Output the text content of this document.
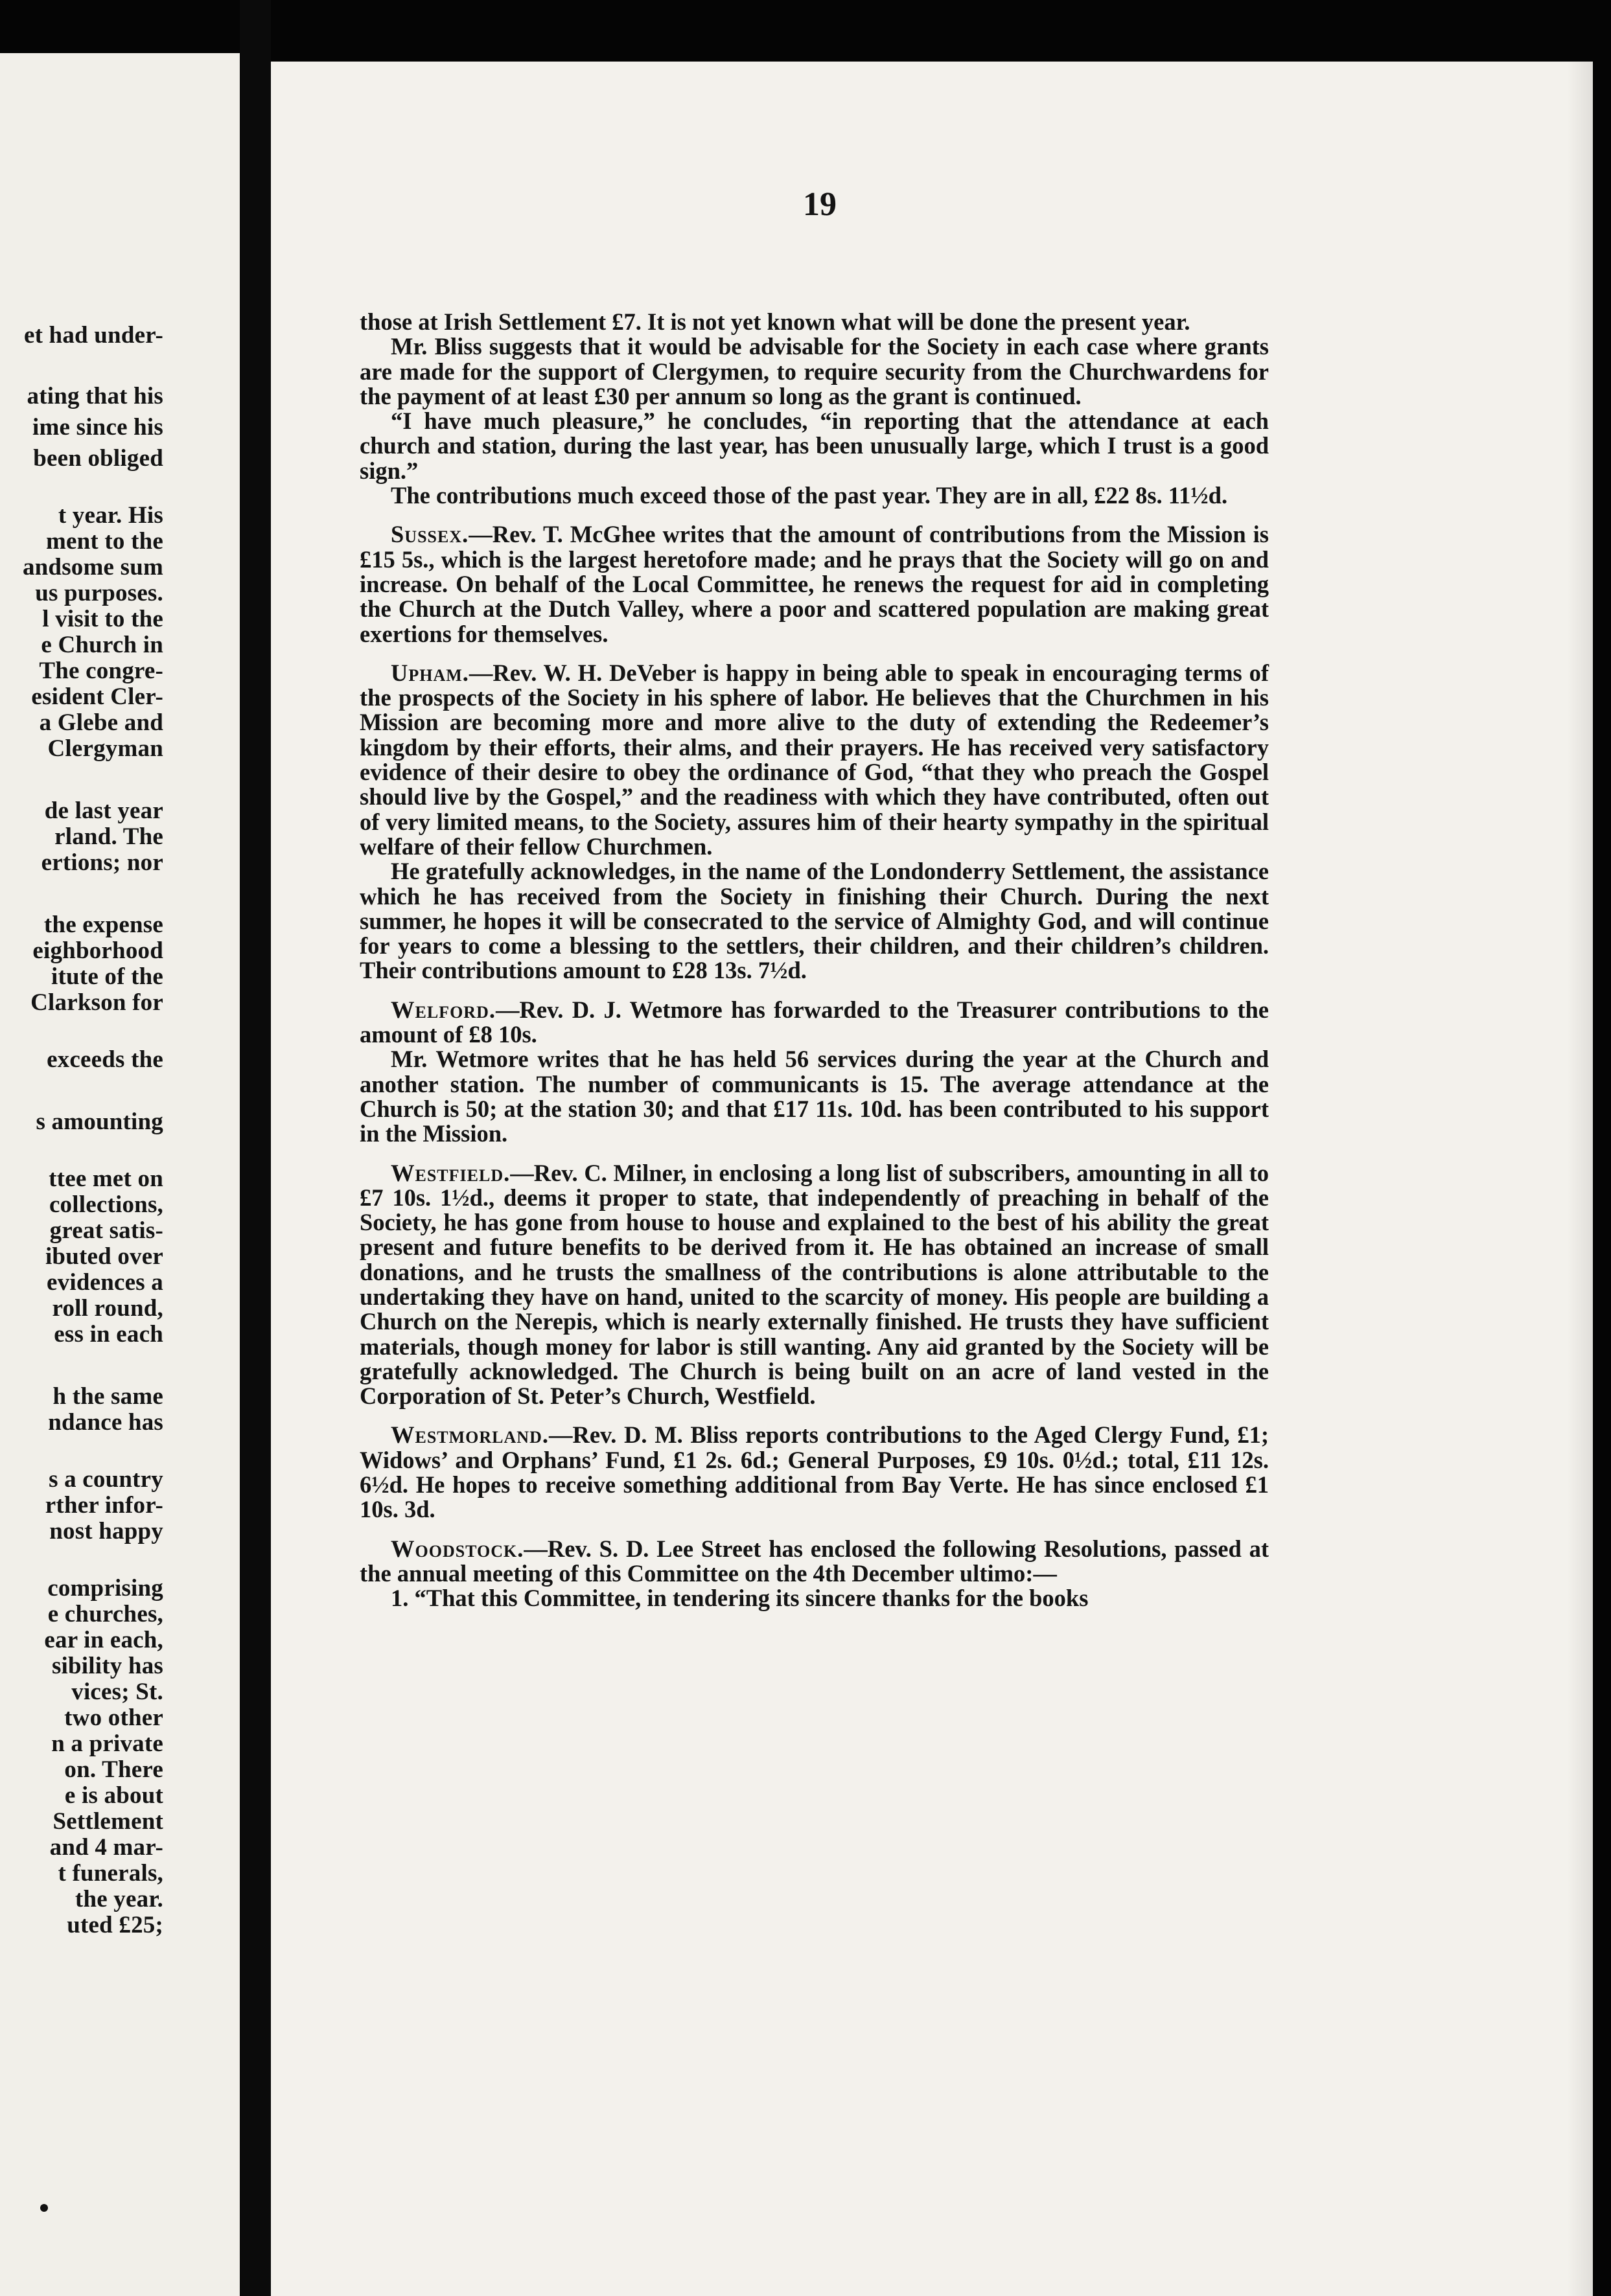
et had under-
ating that his
ime since his
been obliged
t year. His
ment to the
andsome sum
us purposes.
l visit to the
e Church in
The congre-
esident Cler-
a Glebe and
Clergyman
de last year
rland. The
ertions; nor
the expense
eighborhood
itute of the
Clarkson for
exceeds the
s amounting
ttee met on
collections,
great satis-
ibuted over
evidences a
roll round,
ess in each
h the same
ndance has
s a country
rther infor-
nost happy
comprising
e churches,
ear in each,
sibility has
vices; St.
two other
n a private
on. There
e is about
Settlement
and 4 mar-
t funerals,
the year.
uted £25;
19

those at Irish Settlement £7. It is not yet known what will be done the present year.

Mr. Bliss suggests that it would be advisable for the Society in each case where grants are made for the support of Clergymen, to require security from the Churchwardens for the payment of at least £30 per annum so long as the grant is continued.

“I have much pleasure,” he concludes, “in reporting that the attendance at each church and station, during the last year, has been unusually large, which I trust is a good sign.”

The contributions much exceed those of the past year. They are in all, £22 8s. 11½d.

Sussex.—Rev. T. McGhee writes that the amount of contributions from the Mission is £15 5s., which is the largest heretofore made; and he prays that the Society will go on and increase. On behalf of the Local Committee, he renews the request for aid in completing the Church at the Dutch Valley, where a poor and scattered population are making great exertions for themselves.

Upham.—Rev. W. H. DeVeber is happy in being able to speak in encouraging terms of the prospects of the Society in his sphere of labor. He believes that the Churchmen in his Mission are becoming more and more alive to the duty of extending the Redeemer’s kingdom by their efforts, their alms, and their prayers. He has received very satisfactory evidence of their desire to obey the ordinance of God, “that they who preach the Gospel should live by the Gospel,” and the readiness with which they have contributed, often out of very limited means, to the Society, assures him of their hearty sympathy in the spiritual welfare of their fellow Churchmen.

He gratefully acknowledges, in the name of the Londonderry Settlement, the assistance which he has received from the Society in finishing their Church. During the next summer, he hopes it will be consecrated to the service of Almighty God, and will continue for years to come a blessing to the settlers, their children, and their children’s children. Their contributions amount to £28 13s. 7½d.

Welford.—Rev. D. J. Wetmore has forwarded to the Treasurer contributions to the amount of £8 10s.

Mr. Wetmore writes that he has held 56 services during the year at the Church and another station. The number of communicants is 15. The average attendance at the Church is 50; at the station 30; and that £17 11s. 10d. has been contributed to his support in the Mission.

Westfield.—Rev. C. Milner, in enclosing a long list of subscribers, amounting in all to £7 10s. 1½d., deems it proper to state, that independently of preaching in behalf of the Society, he has gone from house to house and explained to the best of his ability the great present and future benefits to be derived from it. He has obtained an increase of small donations, and he trusts the smallness of the contributions is alone attributable to the undertaking they have on hand, united to the scarcity of money. His people are building a Church on the Nerepis, which is nearly externally finished. He trusts they have sufficient materials, though money for labor is still wanting. Any aid granted by the Society will be gratefully acknowledged. The Church is being built on an acre of land vested in the Corporation of St. Peter’s Church, Westfield.

Westmorland.—Rev. D. M. Bliss reports contributions to the Aged Clergy Fund, £1; Widows’ and Orphans’ Fund, £1 2s. 6d.; General Purposes, £9 10s. 0½d.; total, £11 12s. 6½d. He hopes to receive something additional from Bay Verte. He has since enclosed £1 10s. 3d.

Woodstock.—Rev. S. D. Lee Street has enclosed the following Resolutions, passed at the annual meeting of this Committee on the 4th December ultimo:—

1. “That this Committee, in tendering its sincere thanks for the books
